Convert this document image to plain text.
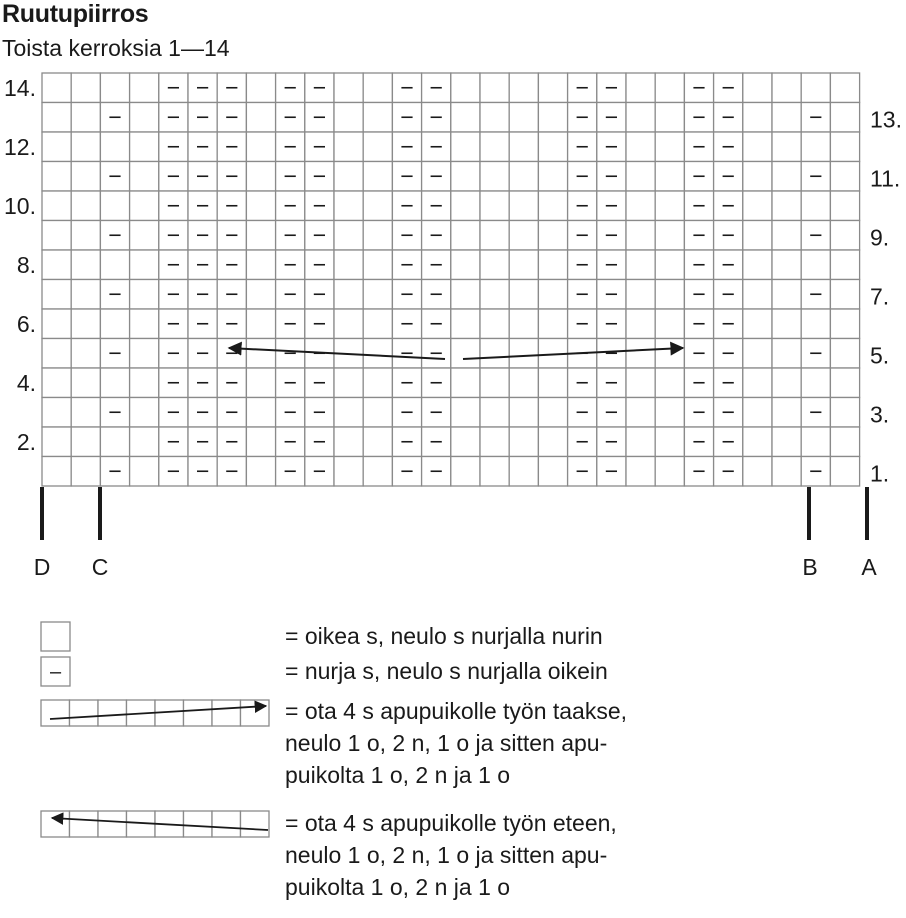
Ruutupiirros

Toista kerroksia 1—14

14.
12.
10.
8.
6.
4.
2.
13.
11.
9.
7.
5.
3.
1.
D C	B A
–
= oikea s, neulo s nurjalla nurin
= nurja s, neulo s nurjalla oikein
= ota 4 s apupuikolle työn taakse,
neulo 1 o, 2 n, 1 o ja sitten apu-
puikolta 1 o, 2 n ja 1 o
= ota 4 s apupuikolle työn eteen,
neulo 1 o, 2 n, 1 o ja sitten apu-
puikolta 1 o, 2 n ja 1 o
